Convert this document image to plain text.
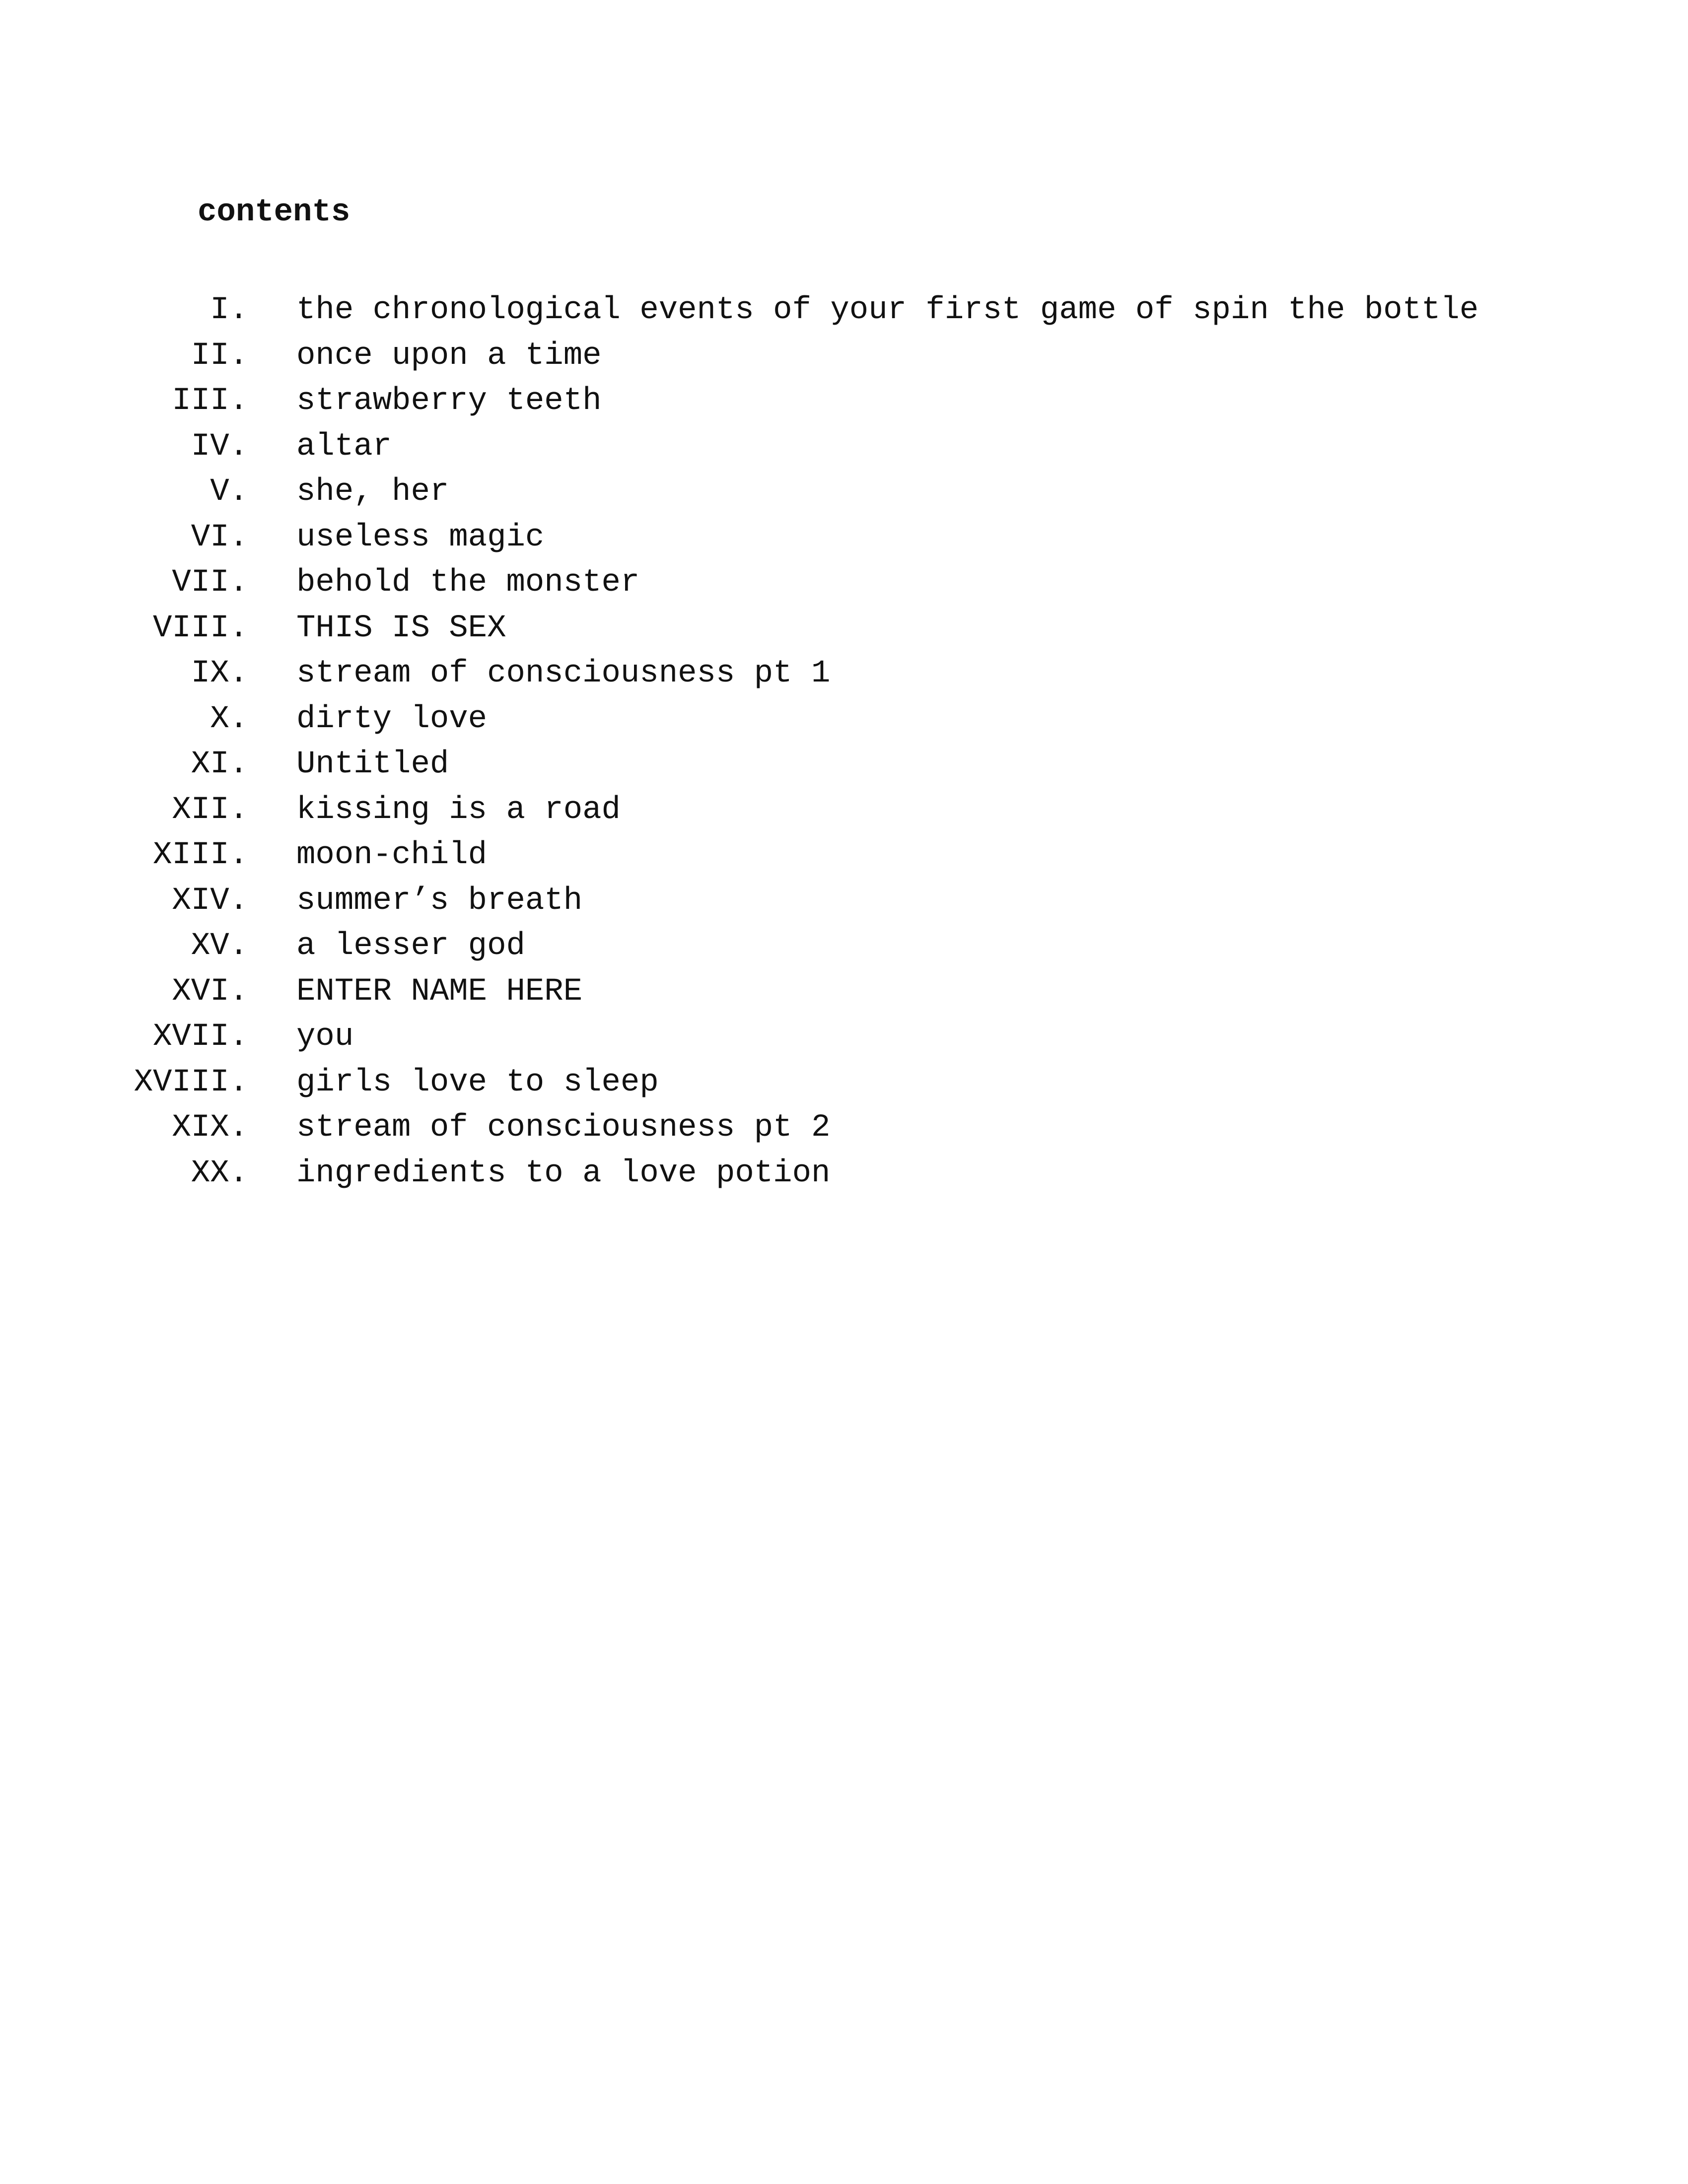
contents
I. the chronological events of your first game of spin the bottle
II. once upon a time
III. strawberry teeth
IV. altar
V. she, her
VI. useless magic
VII. behold the monster
VIII. THIS IS SEX
IX. stream of consciousness pt 1
X. dirty love
XI. Untitled
XII. kissing is a road
XIII. moon-child
XIV. summer’s breath
XV. a lesser god
XVI. ENTER NAME HERE
XVII. you
XVIII. girls love to sleep
XIX. stream of consciousness pt 2
XX. ingredients to a love potion
